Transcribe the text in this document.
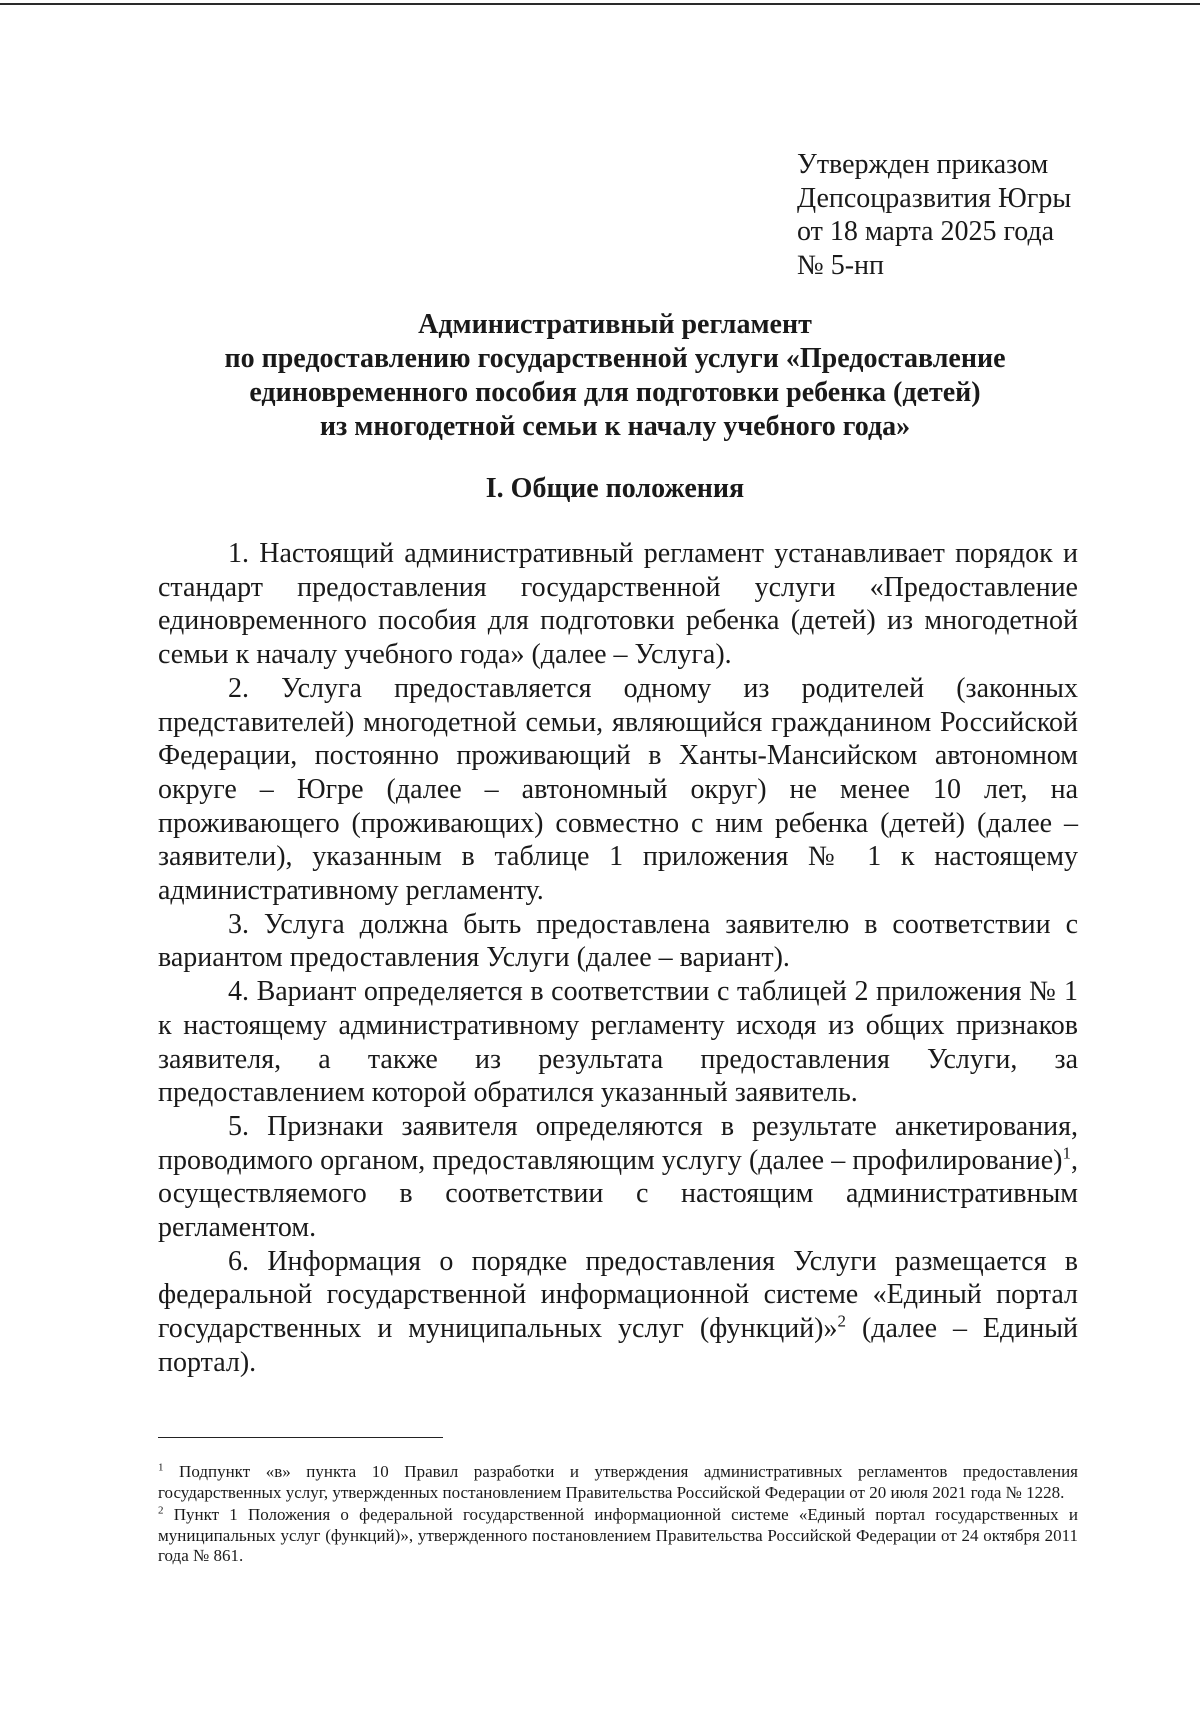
Утвержден приказом
Депсоцразвития Югры
от 18 марта 2025 года
№ 5-нп
Административный регламент
по предоставлению государственной услуги «Предоставление
единовременного пособия для подготовки ребенка (детей)
из многодетной семьи к началу учебного года»
I. Общие положения

1. Настоящий административный регламент устанавливает порядок и стандарт предоставления государственной услуги «Предоставление единовременного пособия для подготовки ребенка (детей) из многодетной семьи к началу учебного года» (далее – Услуга).

2. Услуга предоставляется одному из родителей (законных представителей) многодетной семьи, являющийся гражданином Российской Федерации, постоянно проживающий в Ханты-Мансийском автономном округе – Югре (далее – автономный округ) не менее 10 лет, на проживающего (проживающих) совместно с ним ребенка (детей) (далее – заявители), указанным в таблице 1 приложения № 1 к настоящему административному регламенту.

3. Услуга должна быть предоставлена заявителю в соответствии с вариантом предоставления Услуги (далее – вариант).

4. Вариант определяется в соответствии с таблицей 2 приложения № 1 к настоящему административному регламенту исходя из общих признаков заявителя, а также из результата предоставления Услуги, за предоставлением которой обратился указанный заявитель.

5. Признаки заявителя определяются в результате анкетирования, проводимого органом, предоставляющим услугу (далее – профилирование)$^1$, осуществляемого в соответствии с настоящим административным регламентом.

6. Информация о порядке предоставления Услуги размещается в федеральной государственной информационной системе «Единый портал государственных и муниципальных услуг (функций)»$^2$ (далее – Единый портал).

$^1$ Подпункт «в» пункта 10 Правил разработки и утверждения административных регламентов предоставления государственных услуг, утвержденных постановлением Правительства Российской Федерации от 20 июля 2021 года № 1228.

$^2$ Пункт 1 Положения о федеральной государственной информационной системе «Единый портал государственных и муниципальных услуг (функций)», утвержденного постановлением Правительства Российской Федерации от 24 октября 2011 года № 861.
